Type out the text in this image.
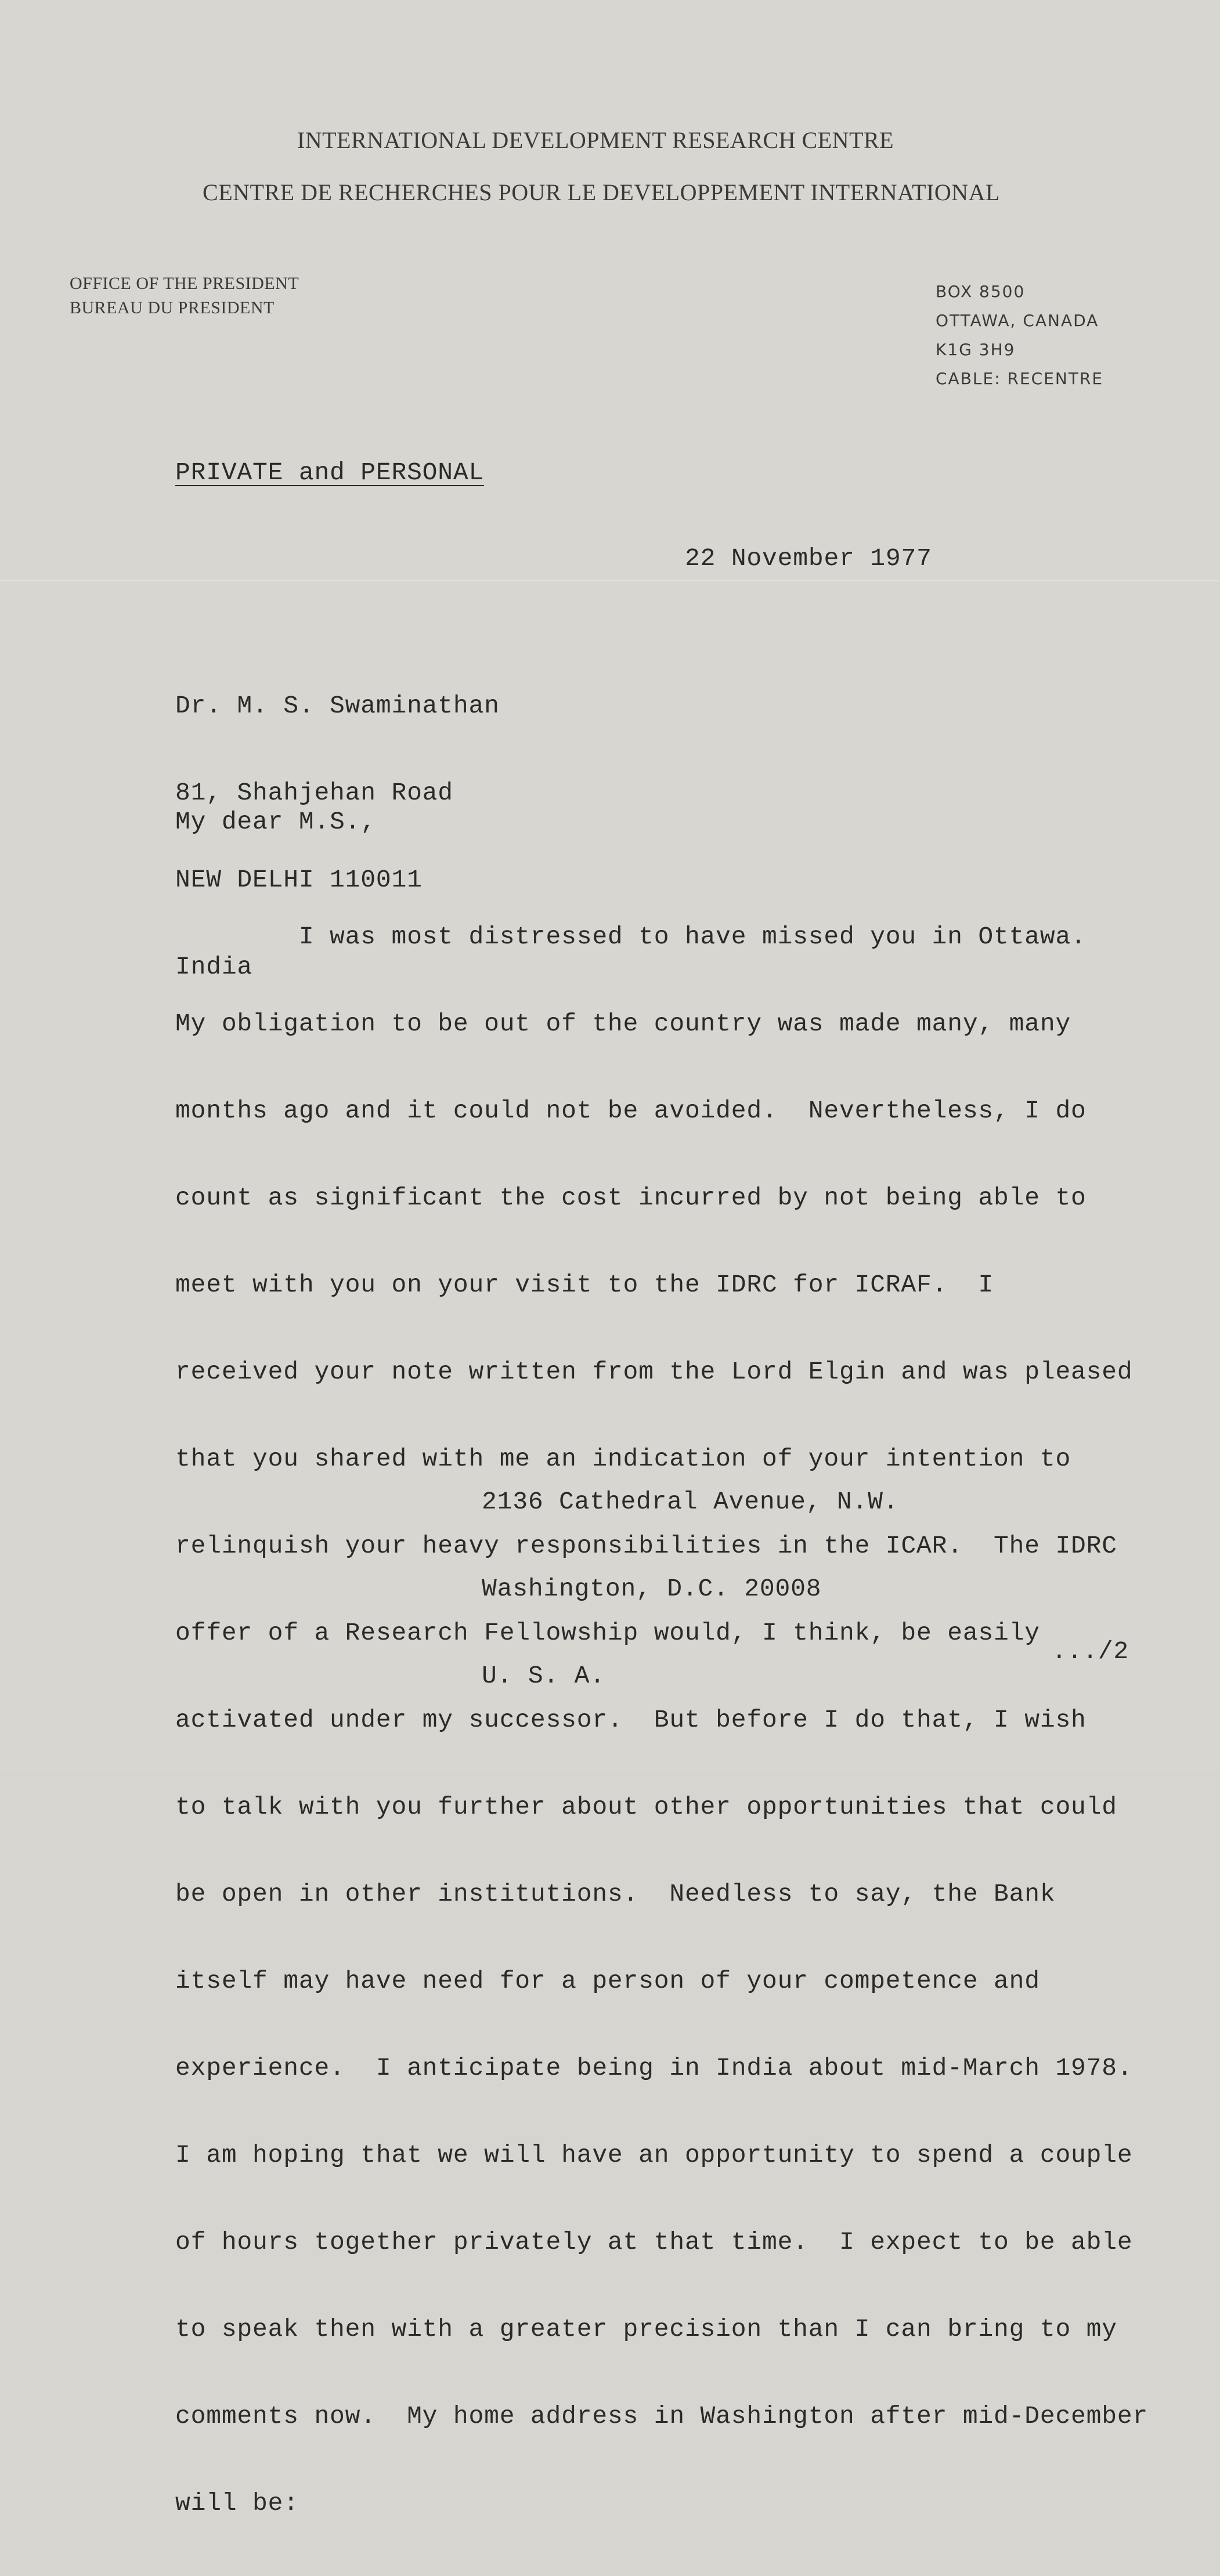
INTERNATIONAL DEVELOPMENT RESEARCH CENTRE
CENTRE DE RECHERCHES POUR LE DEVELOPPEMENT INTERNATIONAL
OFFICE OF THE PRESIDENT
BUREAU DU PRESIDENT
BOX 8500
OTTAWA, CANADA
K1G 3H9
CABLE: RECENTRE
PRIVATE and PERSONAL
22 November 1977

Dr. M. S. Swaminathan

81, Shahjehan Road

NEW DELHI 110011

India

My dear M.S.,

I was most distressed to have missed you in Ottawa.

My obligation to be out of the country was made many, many

months ago and it could not be avoided.  Nevertheless, I do

count as significant the cost incurred by not being able to

meet with you on your visit to the IDRC for ICRAF.  I

received your note written from the Lord Elgin and was pleased

that you shared with me an indication of your intention to

relinquish your heavy responsibilities in the ICAR.  The IDRC

offer of a Research Fellowship would, I think, be easily

activated under my successor.  But before I do that, I wish

to talk with you further about other opportunities that could

be open in other institutions.  Needless to say, the Bank

itself may have need for a person of your competence and

experience.  I anticipate being in India about mid-March 1978.

I am hoping that we will have an opportunity to spend a couple

of hours together privately at that time.  I expect to be able

to speak then with a greater precision than I can bring to my

comments now.  My home address in Washington after mid-December

will be:

2136 Cathedral Avenue, N.W.

Washington, D.C. 20008

U. S. A.

.../2
